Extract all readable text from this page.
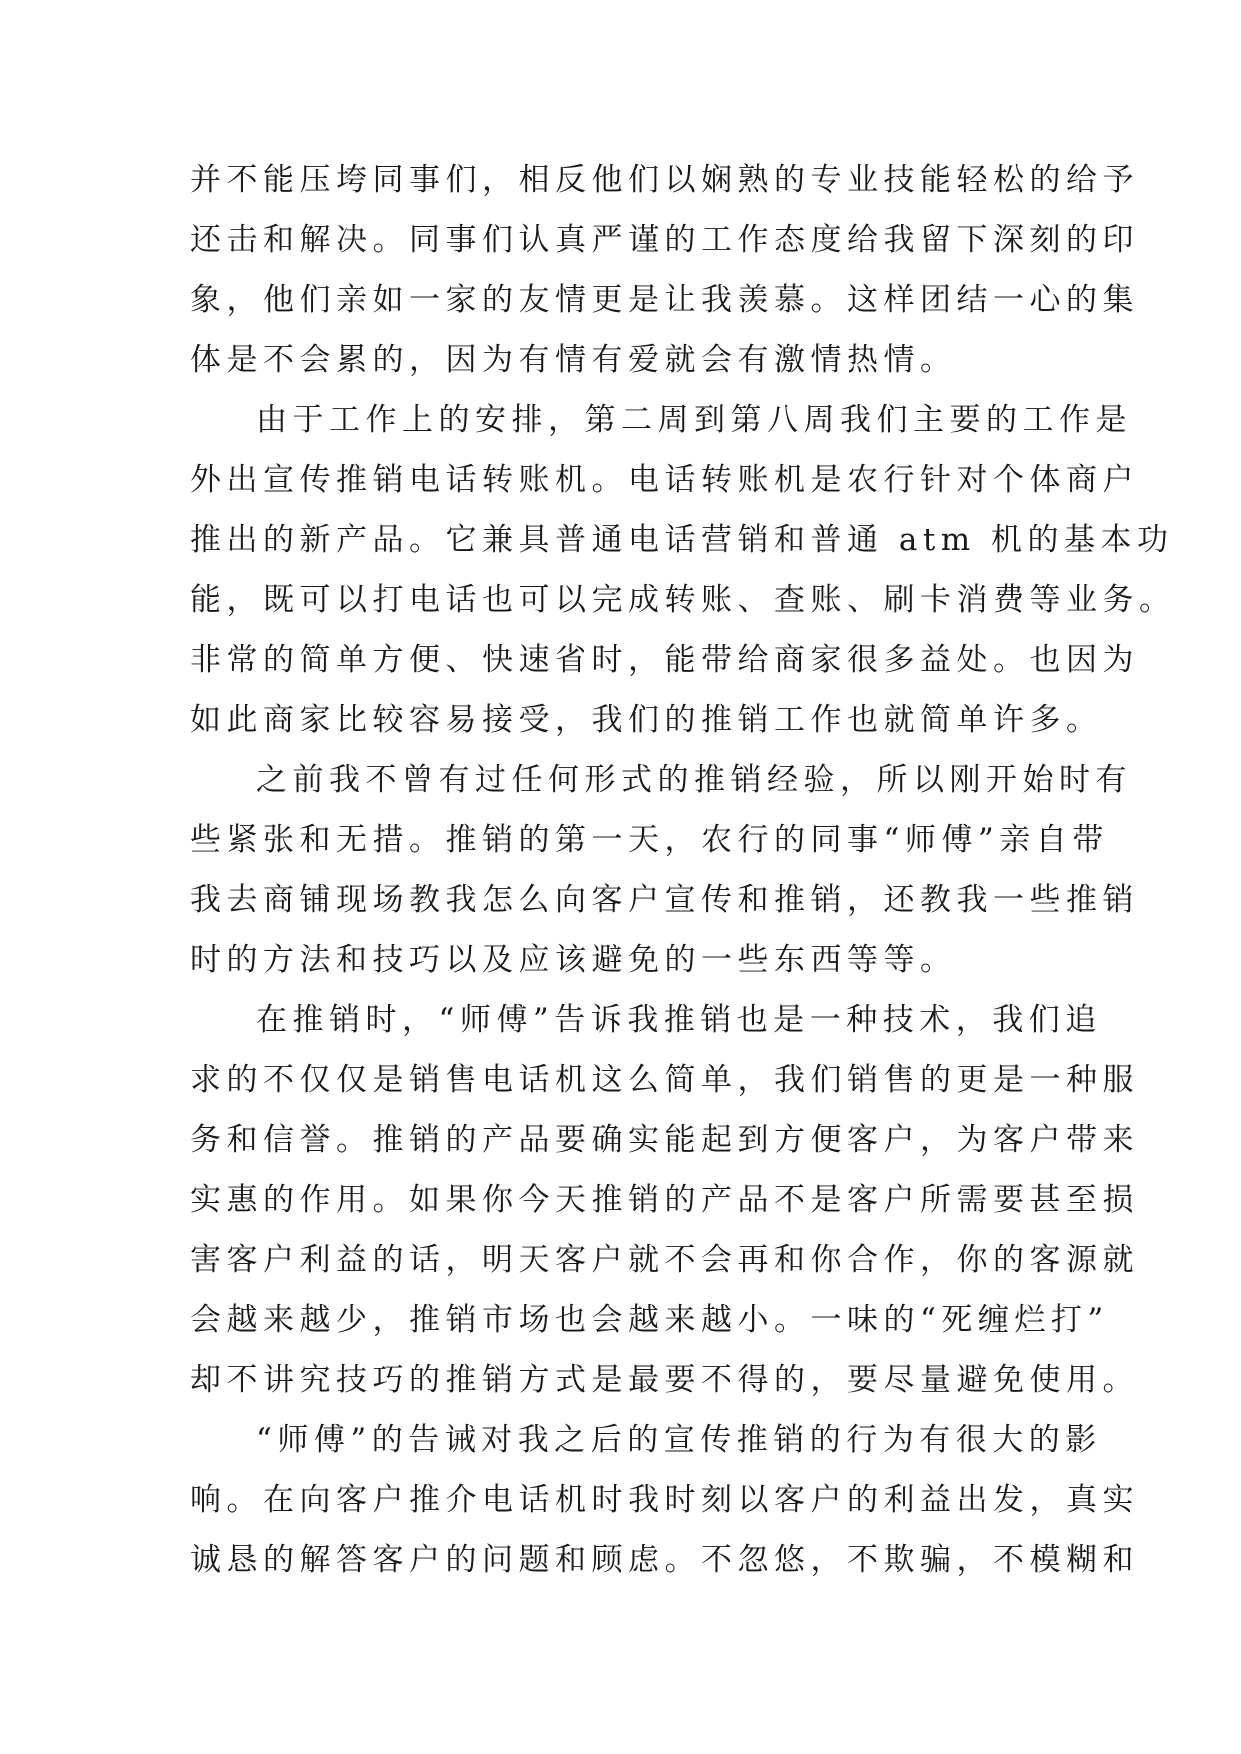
并不能压垮同事们，相反他们以娴熟的专业技能轻松的给予
还击和解决。同事们认真严谨的工作态度给我留下深刻的印
象，他们亲如一家的友情更是让我羡慕。这样团结一心的集
体是不会累的，因为有情有爱就会有激情热情。

由于工作上的安排，第二周到第八周我们主要的工作是
外出宣传推销电话转账机。电话转账机是农行针对个体商户
推出的新产品。它兼具普通电话营销和普通 atm 机的基本功
能，既可以打电话也可以完成转账、查账、刷卡消费等业务。
非常的简单方便、快速省时，能带给商家很多益处。也因为
如此商家比较容易接受，我们的推销工作也就简单许多。

之前我不曾有过任何形式的推销经验，所以刚开始时有
些紧张和无措。推销的第一天，农行的同事“师傅”亲自带
我去商铺现场教我怎么向客户宣传和推销，还教我一些推销
时的方法和技巧以及应该避免的一些东西等等。

在推销时，“师傅”告诉我推销也是一种技术，我们追
求的不仅仅是销售电话机这么简单，我们销售的更是一种服
务和信誉。推销的产品要确实能起到方便客户，为客户带来
实惠的作用。如果你今天推销的产品不是客户所需要甚至损
害客户利益的话，明天客户就不会再和你合作，你的客源就
会越来越少，推销市场也会越来越小。一味的“死缠烂打”
却不讲究技巧的推销方式是最要不得的，要尽量避免使用。

“师傅”的告诫对我之后的宣传推销的行为有很大的影
响。在向客户推介电话机时我时刻以客户的利益出发，真实
诚恳的解答客户的问题和顾虑。不忽悠，不欺骗，不模糊和
